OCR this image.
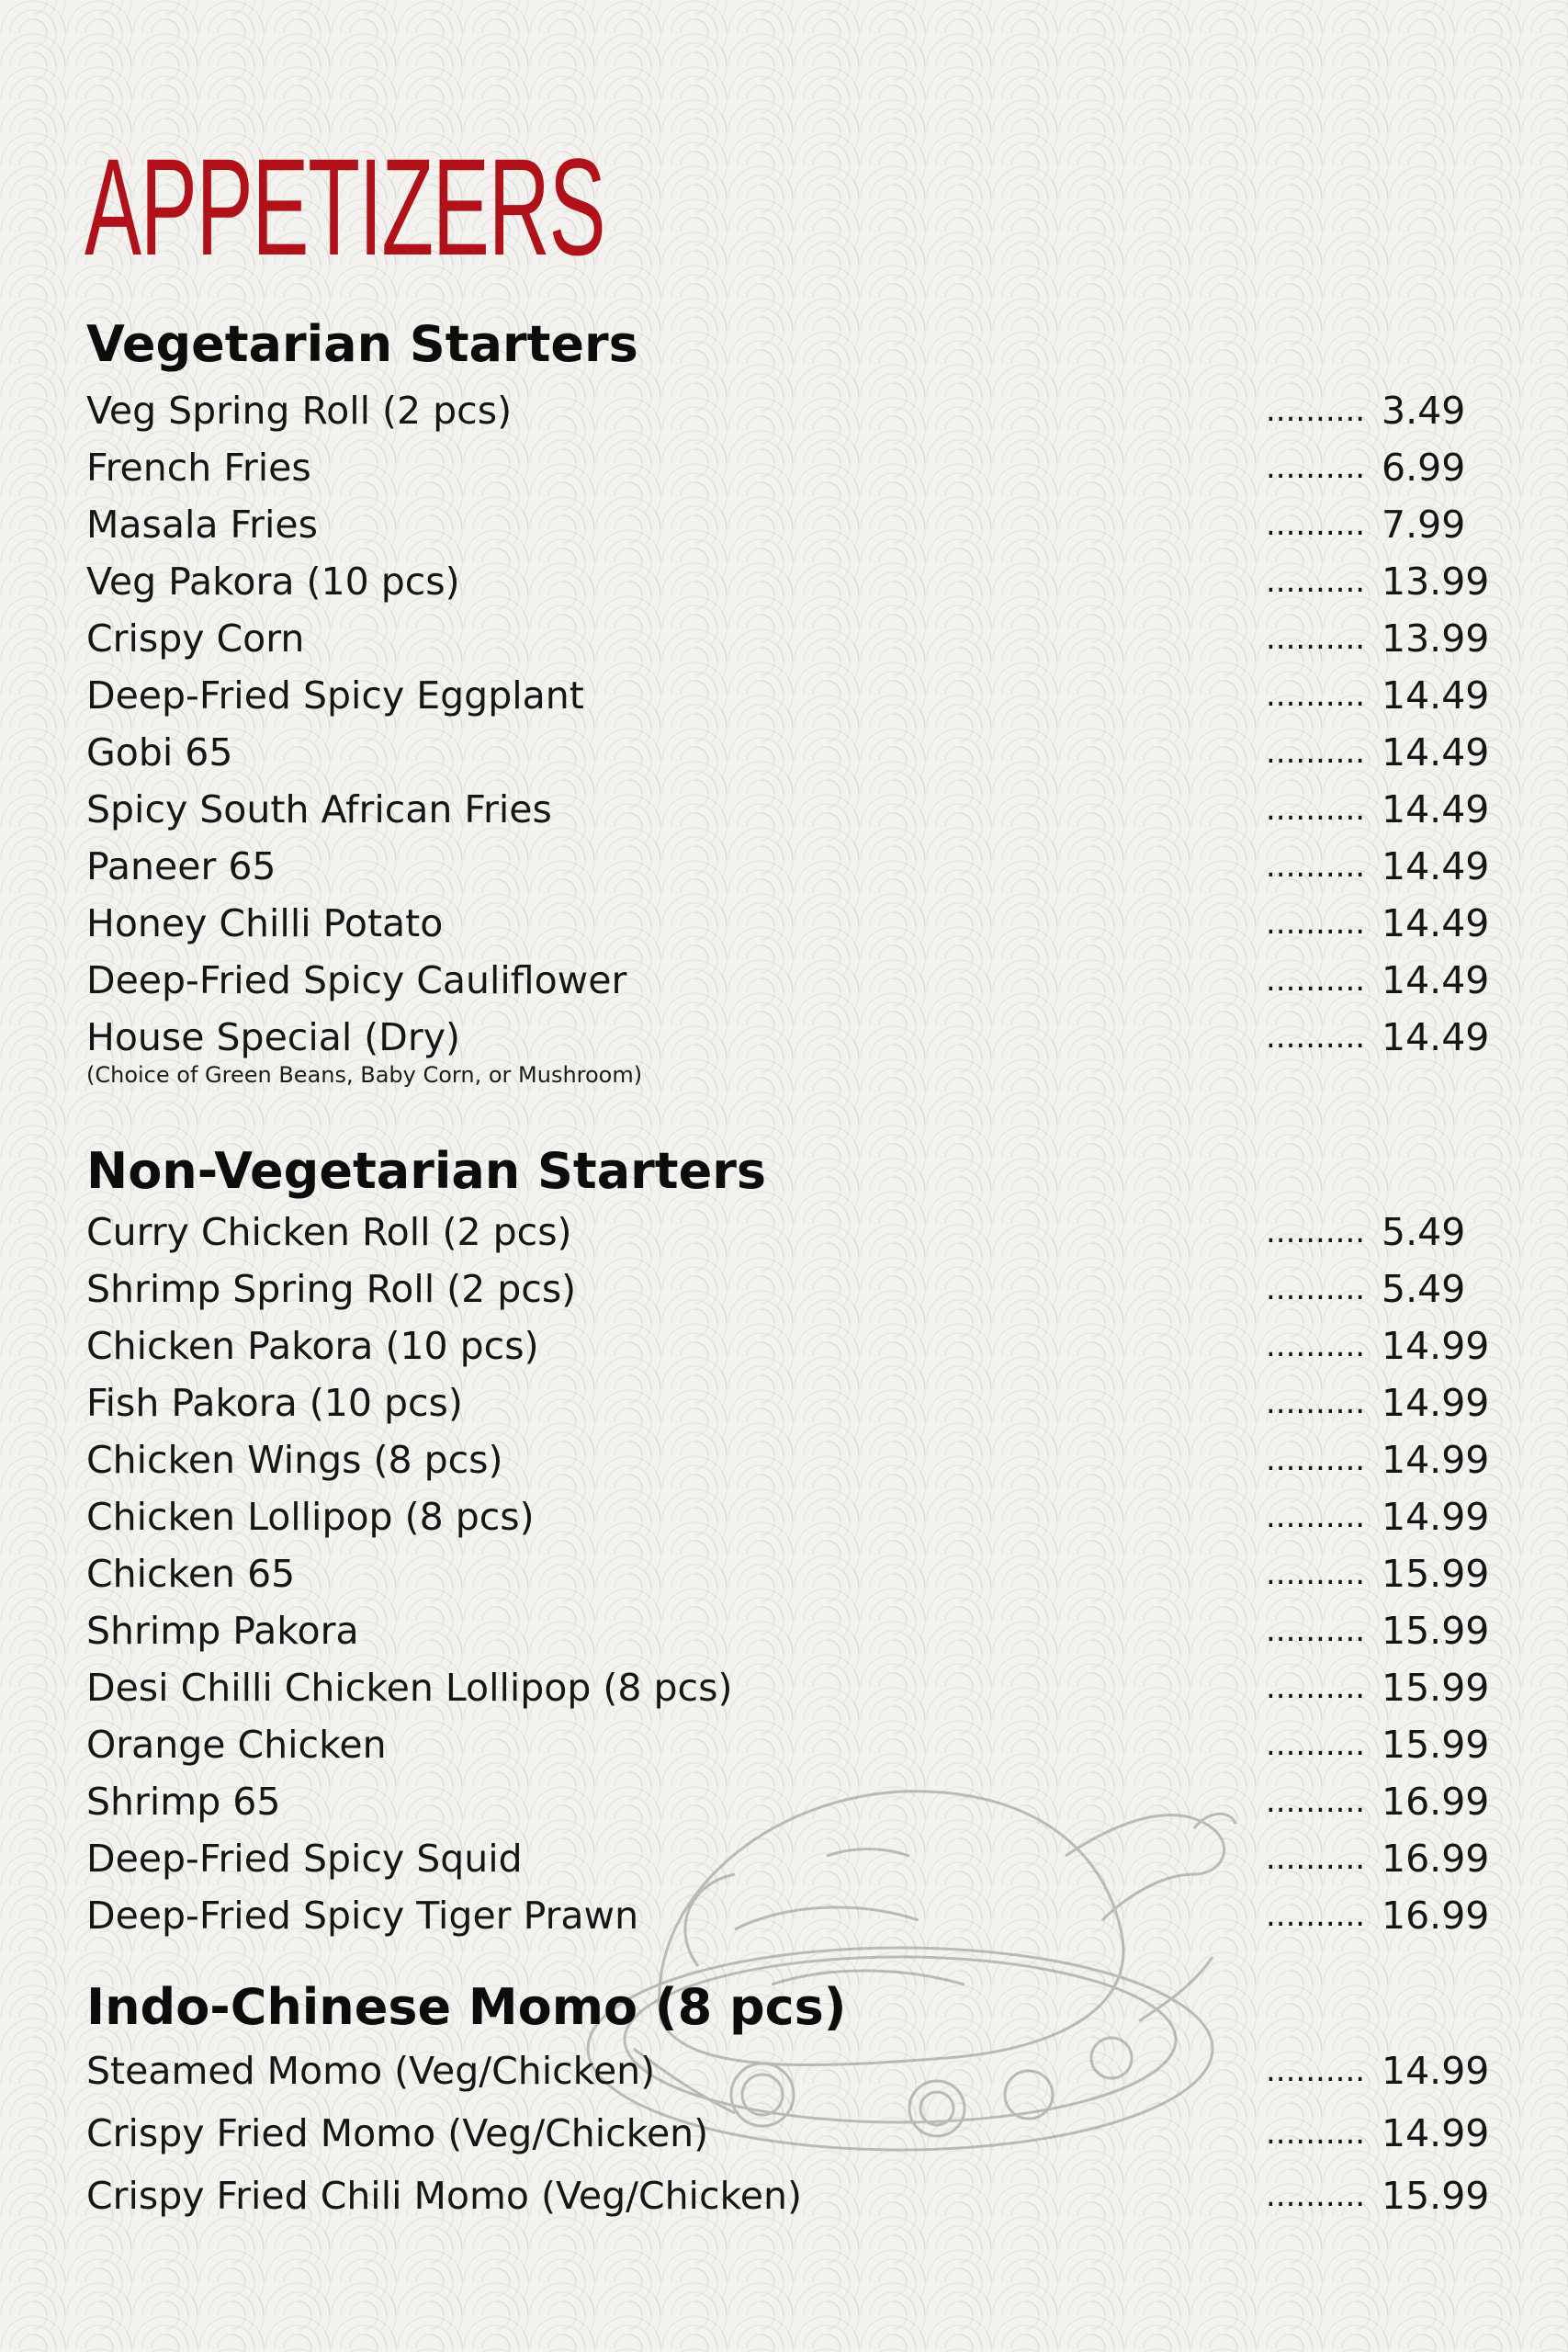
APPETIZERS
Vegetarian Starters
Veg Spring Roll (2 pcs)	.......... 3.49
French Fries	.......... 6.99
Masala Fries	.......... 7.99
Veg Pakora (10 pcs)	.......... 13.99
Crispy Corn	.......... 13.99
Deep-Fried Spicy Eggplant	.......... 14.49
Gobi 65	.......... 14.49
Spicy South African Fries	.......... 14.49
Paneer 65	.......... 14.49
Honey Chilli Potato	.......... 14.49
Deep-Fried Spicy Cauliflower	.......... 14.49
House Special (Dry)	.......... 14.49
(Choice of Green Beans, Baby Corn, or Mushroom)
Non-Vegetarian Starters
Curry Chicken Roll (2 pcs)	.......... 5.49
Shrimp Spring Roll (2 pcs)	.......... 5.49
Chicken Pakora (10 pcs)	.......... 14.99
Fish Pakora (10 pcs)	.......... 14.99
Chicken Wings (8 pcs)	.......... 14.99
Chicken Lollipop (8 pcs)	.......... 14.99
Chicken 65	.......... 15.99
Shrimp Pakora	.......... 15.99
Desi Chilli Chicken Lollipop (8 pcs)	.......... 15.99
Orange Chicken	.......... 15.99
Shrimp 65	.......... 16.99
Deep-Fried Spicy Squid	.......... 16.99
Deep-Fried Spicy Tiger Prawn	.......... 16.99
Indo-Chinese Momo (8 pcs)
Steamed Momo (Veg/Chicken)	.......... 14.99
Crispy Fried Momo (Veg/Chicken)	.......... 14.99
Crispy Fried Chili Momo (Veg/Chicken)	.......... 15.99
